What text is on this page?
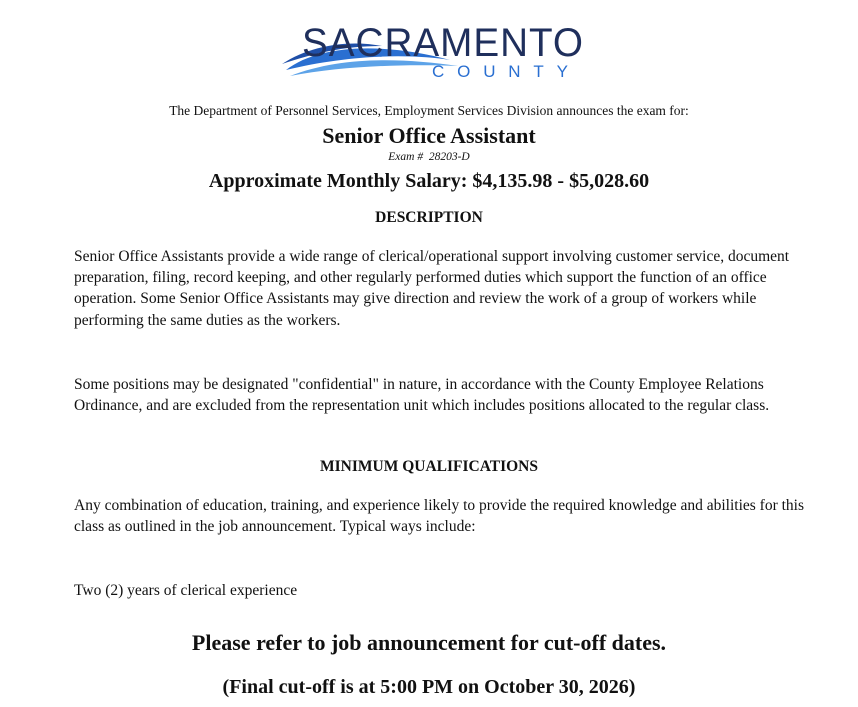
SACRAMENTO
COUNTY
The Department of Personnel Services, Employment Services Division announces the exam for:
Senior Office Assistant
Exam #  28203-D
Approximate Monthly Salary: $4,135.98 - $5,028.60
DESCRIPTION
Senior Office Assistants provide a wide range of clerical/operational support involving customer service, document preparation, filing, record keeping, and other regularly performed duties which support the function of an office operation. Some Senior Office Assistants may give direction and review the work of a group of workers while performing the same duties as the workers.
Some positions may be designated "confidential" in nature, in accordance with the County Employee Relations Ordinance, and are excluded from the representation unit which includes positions allocated to the regular class.
MINIMUM QUALIFICATIONS
Any combination of education, training, and experience likely to provide the required knowledge and abilities for this class as outlined in the job announcement. Typical ways include:
Two (2) years of clerical experience
Please refer to job announcement for cut-off dates.
(Final cut-off is at 5:00 PM on October 30, 2026)
